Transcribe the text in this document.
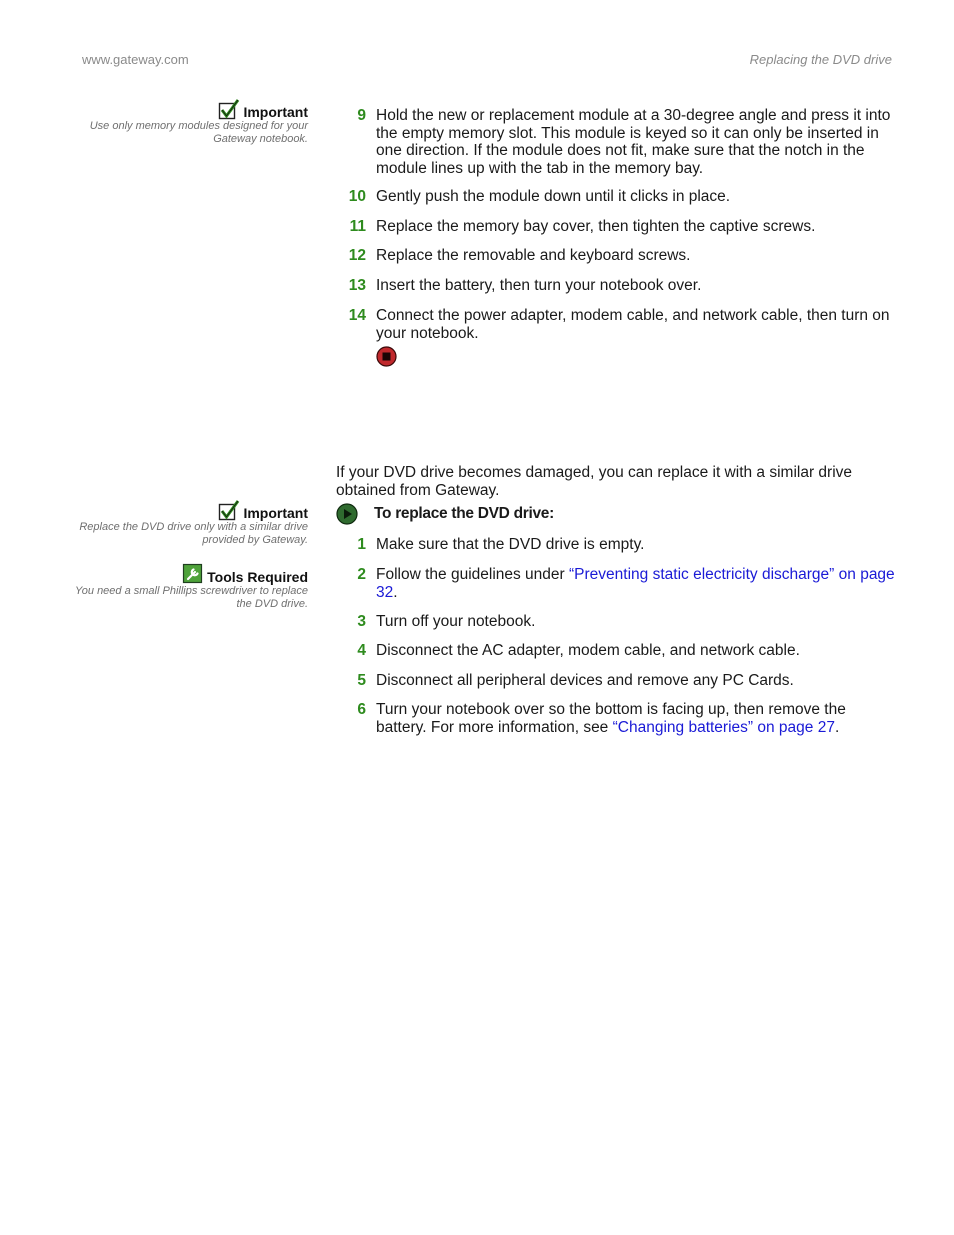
www.gateway.com	Replacing the DVD drive
Important
Use only memory modules designed for your Gateway notebook.
9 Hold the new or replacement module at a 30-degree angle and press it into the empty memory slot. This module is keyed so it can only be inserted in one direction. If the module does not fit, make sure that the notch in the module lines up with the tab in the memory bay.
10 Gently push the module down until it clicks in place.
11 Replace the memory bay cover, then tighten the captive screws.
12 Replace the removable and keyboard screws.
13 Insert the battery, then turn your notebook over.
14 Connect the power adapter, modem cable, and network cable, then turn on your notebook.
If your DVD drive becomes damaged, you can replace it with a similar drive obtained from Gateway.
Important
Replace the DVD drive only with a similar drive provided by Gateway.
Tools Required
You need a small Phillips screwdriver to replace the DVD drive.
To replace the DVD drive:
1 Make sure that the DVD drive is empty.
2 Follow the guidelines under “Preventing static electricity discharge” on page 32.
3 Turn off your notebook.
4 Disconnect the AC adapter, modem cable, and network cable.
5 Disconnect all peripheral devices and remove any PC Cards.
6 Turn your notebook over so the bottom is facing up, then remove the battery. For more information, see “Changing batteries” on page 27.
